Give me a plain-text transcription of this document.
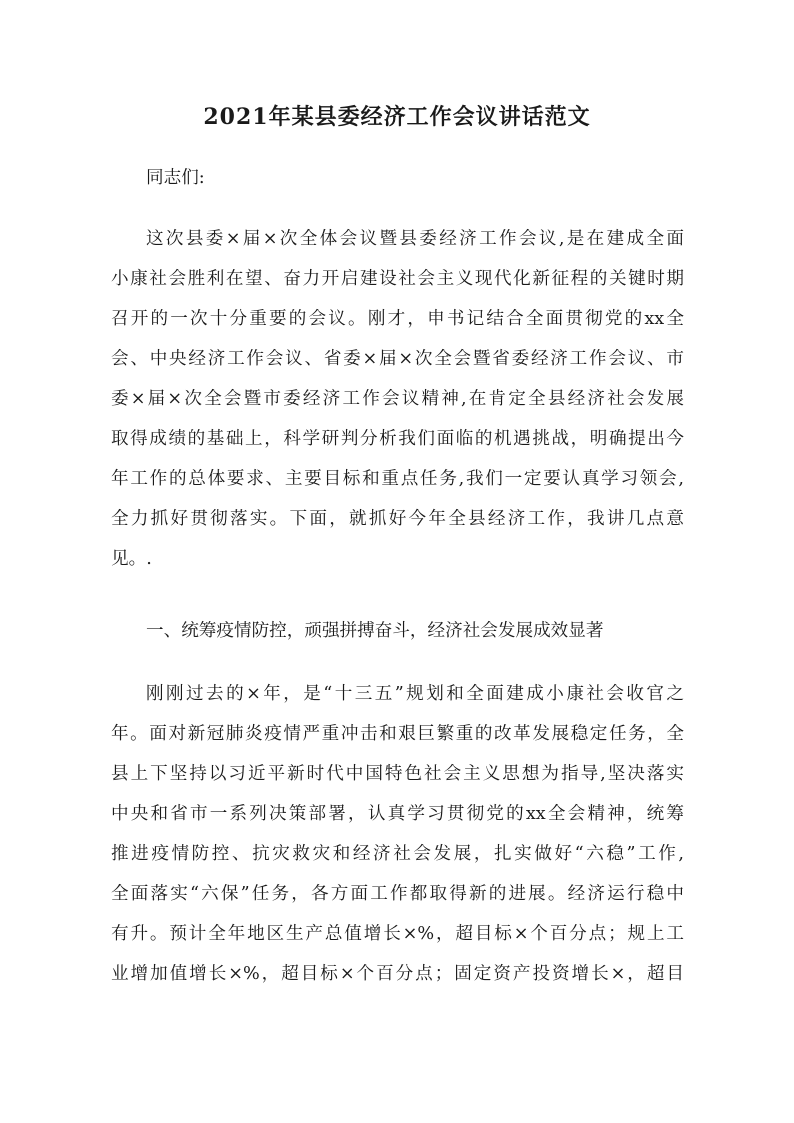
2021年某县委经济工作会议讲话范文
同志们:
这次县委×届×次全体会议暨县委经济工作会议,是在建成全面
小康社会胜利在望、奋力开启建设社会主义现代化新征程的关键时期
召开的一次十分重要的会议。刚才，申书记结合全面贯彻党的xx全
会、中央经济工作会议、省委×届×次全会暨省委经济工作会议、市
委×届×次全会暨市委经济工作会议精神,在肯定全县经济社会发展
取得成绩的基础上，科学研判分析我们面临的机遇挑战，明确提出今
年工作的总体要求、主要目标和重点任务,我们一定要认真学习领会,
全力抓好贯彻落实。下面，就抓好今年全县经济工作，我讲几点意
见。.
一、统筹疫情防控，顽强拼搏奋斗，经济社会发展成效显著
刚刚过去的×年，是“十三五”规划和全面建成小康社会收官之
年。面对新冠肺炎疫情严重冲击和艰巨繁重的改革发展稳定任务，全
县上下坚持以习近平新时代中国特色社会主义思想为指导,坚决落实
中央和省市一系列决策部署，认真学习贯彻党的xx全会精神，统筹
推进疫情防控、抗灾救灾和经济社会发展，扎实做好“六稳”工作,
全面落实“六保”任务，各方面工作都取得新的进展。经济运行稳中
有升。预计全年地区生产总值增长×%，超目标×个百分点；规上工
业增加值增长×%，超目标×个百分点；固定资产投资增长×，超目
